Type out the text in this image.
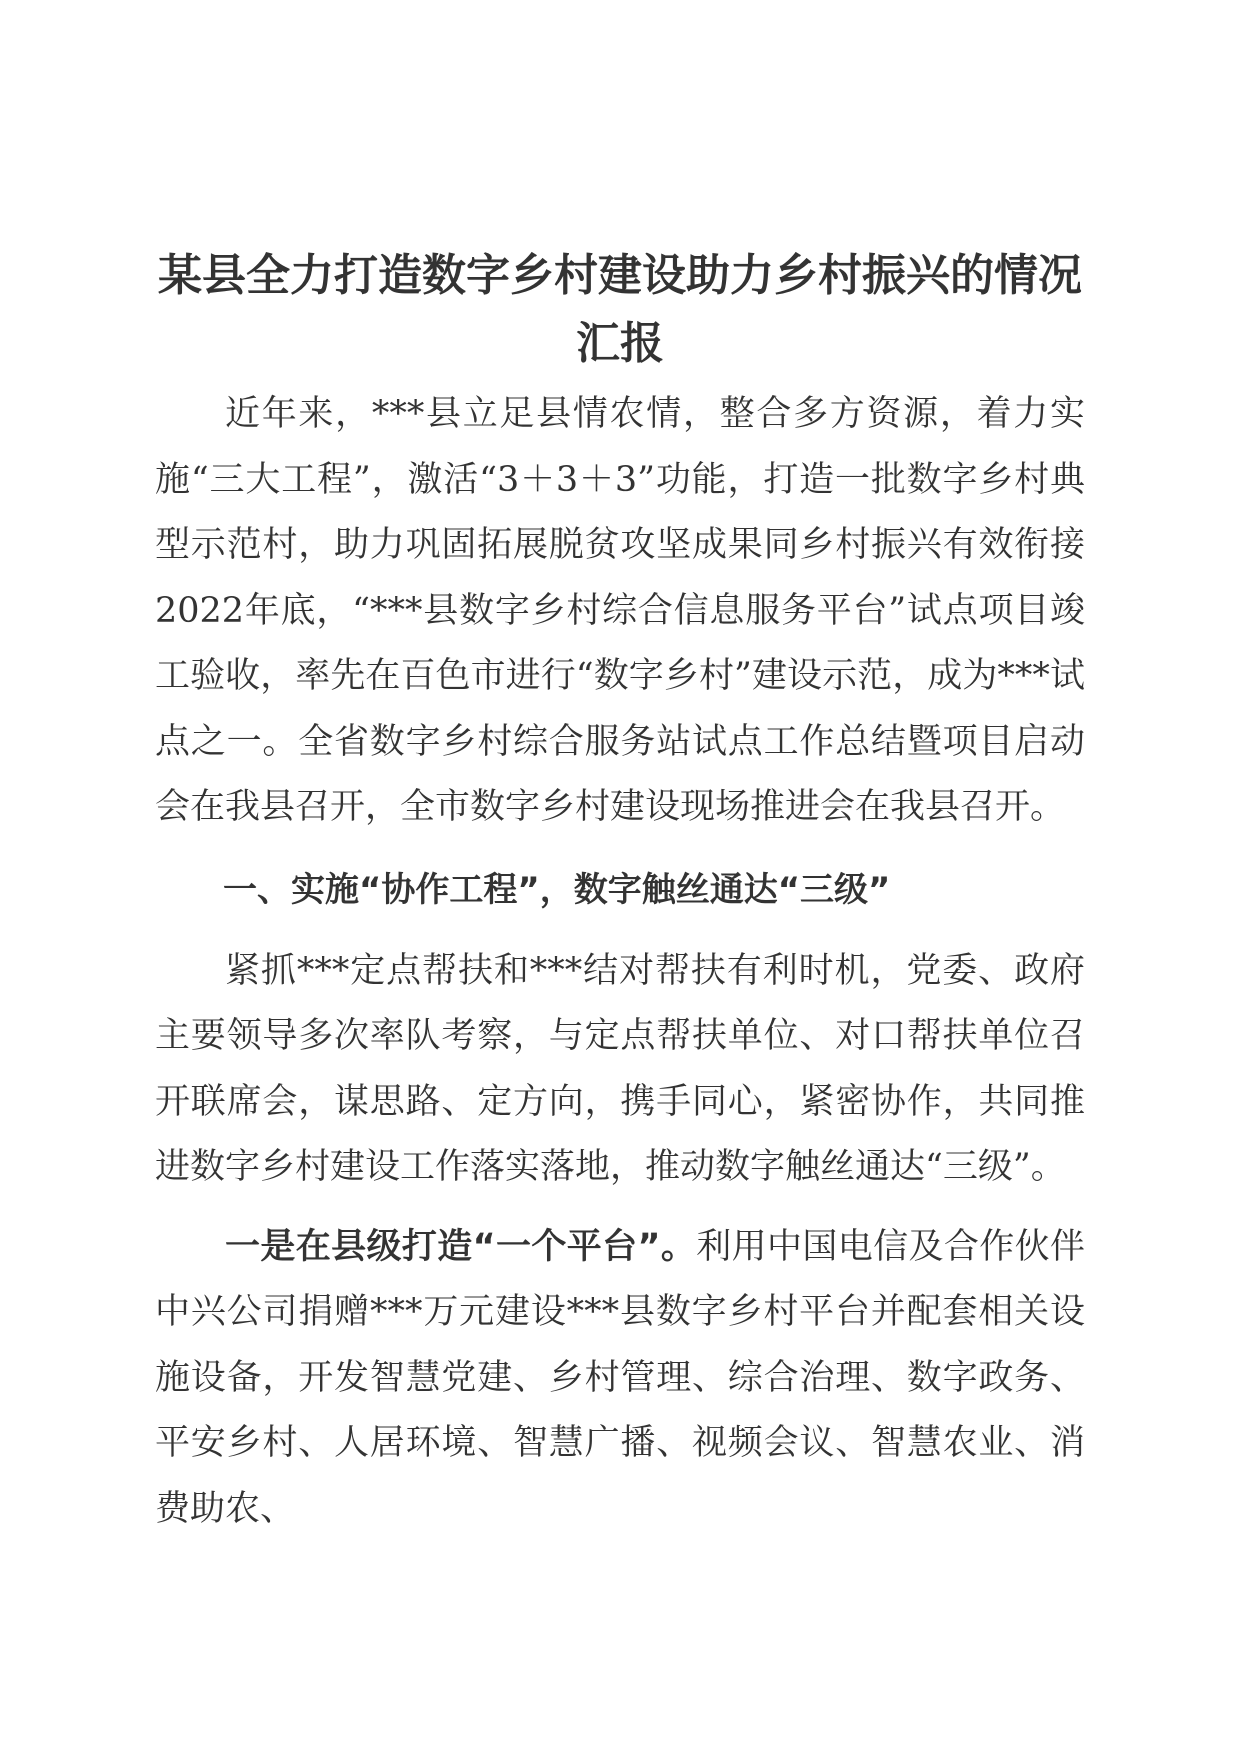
某县全力打造数字乡村建设助力乡村振兴的情况汇报

近年来，***县立足县情农情，整合多方资源，着力实施“三大工程”，激活“3＋3＋3”功能，打造一批数字乡村典型示范村，助力巩固拓展脱贫攻坚成果同乡村振兴有效衔接2022年底，“***县数字乡村综合信息服务平台”试点项目竣工验收，率先在百色市进行“数字乡村”建设示范，成为***试点之一。全省数字乡村综合服务站试点工作总结暨项目启动会在我县召开，全市数字乡村建设现场推进会在我县召开。

一、实施“协作工程”，数字触丝通达“三级”

紧抓***定点帮扶和***结对帮扶有利时机，党委、政府主要领导多次率队考察，与定点帮扶单位、对口帮扶单位召开联席会，谋思路、定方向，携手同心，紧密协作，共同推进数字乡村建设工作落实落地，推动数字触丝通达“三级”。

一是在县级打造“一个平台”。利用中国电信及合作伙伴中兴公司捐赠***万元建设***县数字乡村平台并配套相关设施设备，开发智慧党建、乡村管理、综合治理、数字政务、平安乡村、人居环境、智慧广播、视频会议、智慧农业、消费助农、
